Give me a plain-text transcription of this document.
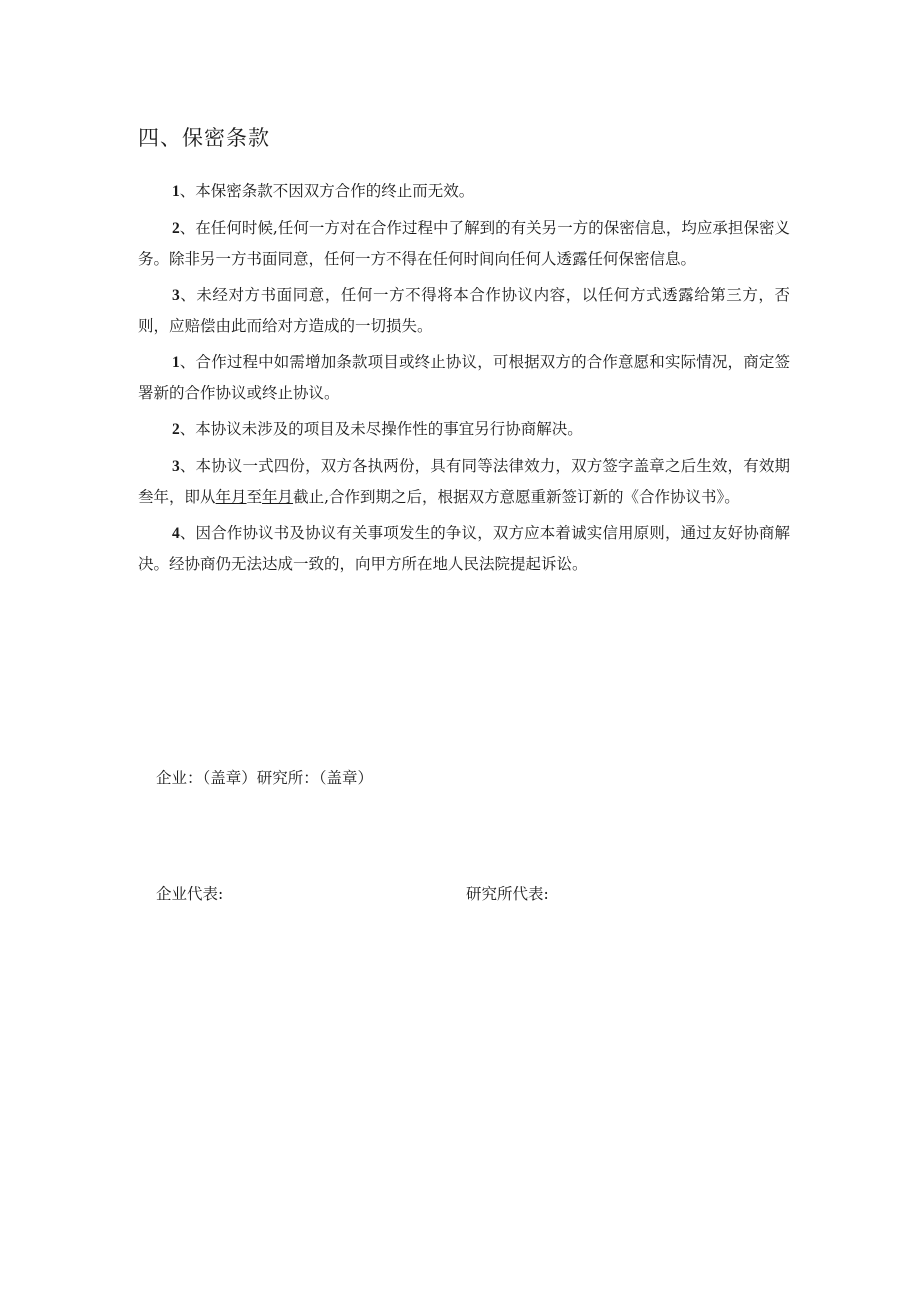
四、保密条款

1、本保密条款不因双方合作的终止而无效。

2、在任何时候,任何一方对在合作过程中了解到的有关另一方的保密信息，均应承担保密义务。除非另一方书面同意，任何一方不得在任何时间向任何人透露任何保密信息。

3、未经对方书面同意，任何一方不得将本合作协议内容，以任何方式透露给第三方，否则，应赔偿由此而给对方造成的一切损失。

1、合作过程中如需增加条款项目或终止协议，可根据双方的合作意愿和实际情况，商定签署新的合作协议或终止协议。

2、本协议未涉及的项目及未尽操作性的事宜另行协商解决。

3、本协议一式四份，双方各执两份，具有同等法律效力，双方签字盖章之后生效，有效期叁年，即从年月至年月截止,合作到期之后，根据双方意愿重新签订新的《合作协议书》。

4、因合作协议书及协议有关事项发生的争议，双方应本着诚实信用原则，通过友好协商解决。经协商仍无法达成一致的，向甲方所在地人民法院提起诉讼。

企业：（盖章）研究所：（盖章）

企业代表:	研究所代表:
